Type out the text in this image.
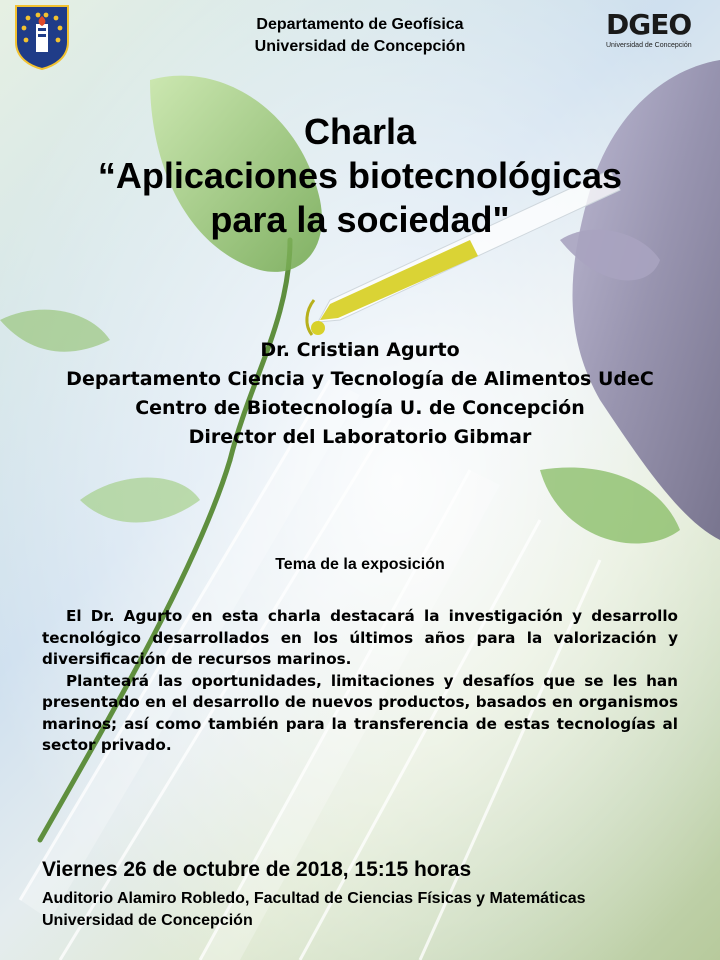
DGEO
Universidad de Concepción
Departamento de Geofísica
Universidad de Concepción
Charla
“Aplicaciones biotecnológicas
para la sociedad"
Dr. Cristian Agurto
Departamento Ciencia y Tecnología de Alimentos UdeC
Centro de Biotecnología U. de Concepción
Director del Laboratorio Gibmar
Tema de la exposición

El Dr. Agurto en esta charla destacará la investigación y desarrollo tecnológico desarrollados en los últimos años para la valorización y diversificación de recursos marinos.

Planteará las oportunidades, limitaciones y desafíos que se les han presentado en el desarrollo de nuevos productos, basados en organismos marinos; así como también para la transferencia de estas tecnologías al sector privado.

Viernes 26 de octubre de 2018, 15:15 horas
Auditorio Alamiro Robledo, Facultad de Ciencias Físicas y Matemáticas
Universidad de Concepción
